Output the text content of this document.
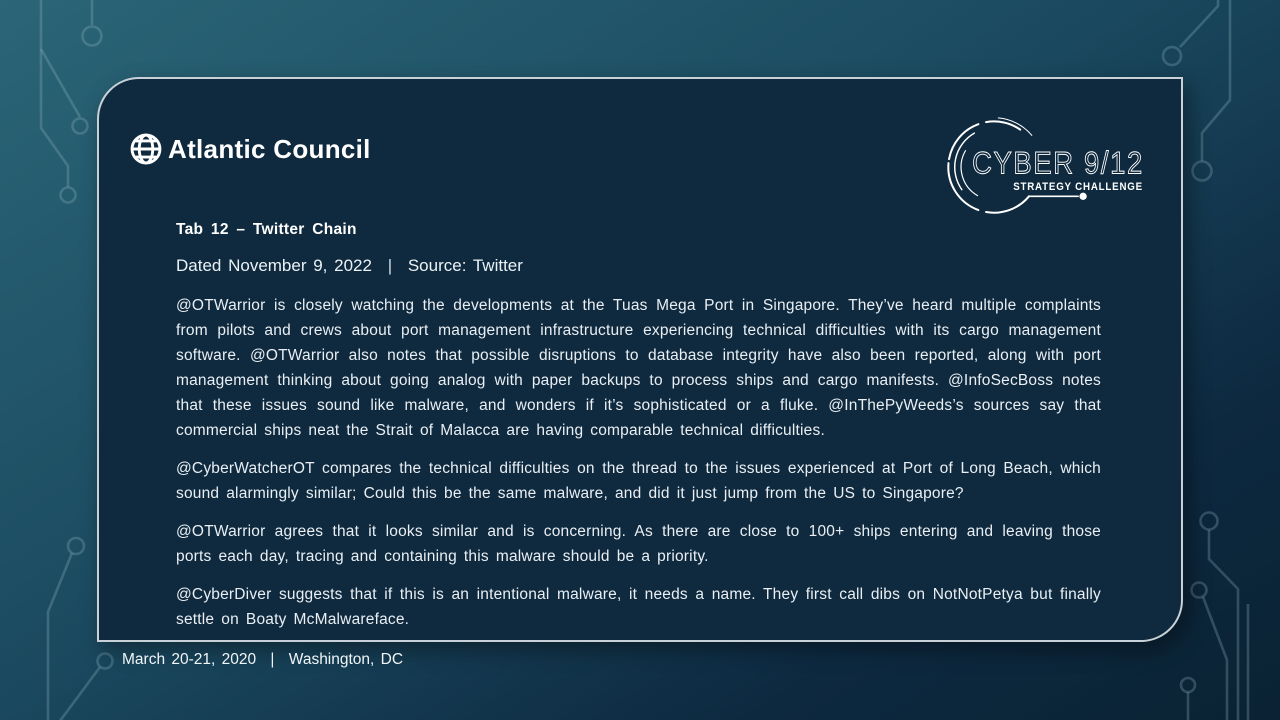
Atlantic Council	CYBER 9/12
STRATEGY CHALLENGE
Tab 12 – Twitter Chain
Dated November 9, 2022 | Source: Twitter

@OTWarrior is closely watching the developments at the Tuas Mega Port in Singapore. They’ve heard multiple complaints from pilots and crews about port management infrastructure experiencing technical difficulties with its cargo management software. @OTWarrior also notes that possible disruptions to database integrity have also been reported, along with port management thinking about going analog with paper backups to process ships and cargo manifests. @InfoSecBoss notes that these issues sound like malware, and wonders if it’s sophisticated or a fluke. @InThePyWeeds’s sources say that commercial ships neat the Strait of Malacca are having comparable technical difficulties.

@CyberWatcherOT compares the technical difficulties on the thread to the issues experienced at Port of Long Beach, which sound alarmingly similar; Could this be the same malware, and did it just jump from the US to Singapore?

@OTWarrior agrees that it looks similar and is concerning. As there are close to 100+ ships entering and leaving those ports each day, tracing and containing this malware should be a priority.

@CyberDiver suggests that if this is an intentional malware, it needs a name. They first call dibs on NotNotPetya but finally settle on Boaty McMalwareface.

March 20-21, 2020 | Washington, DC
